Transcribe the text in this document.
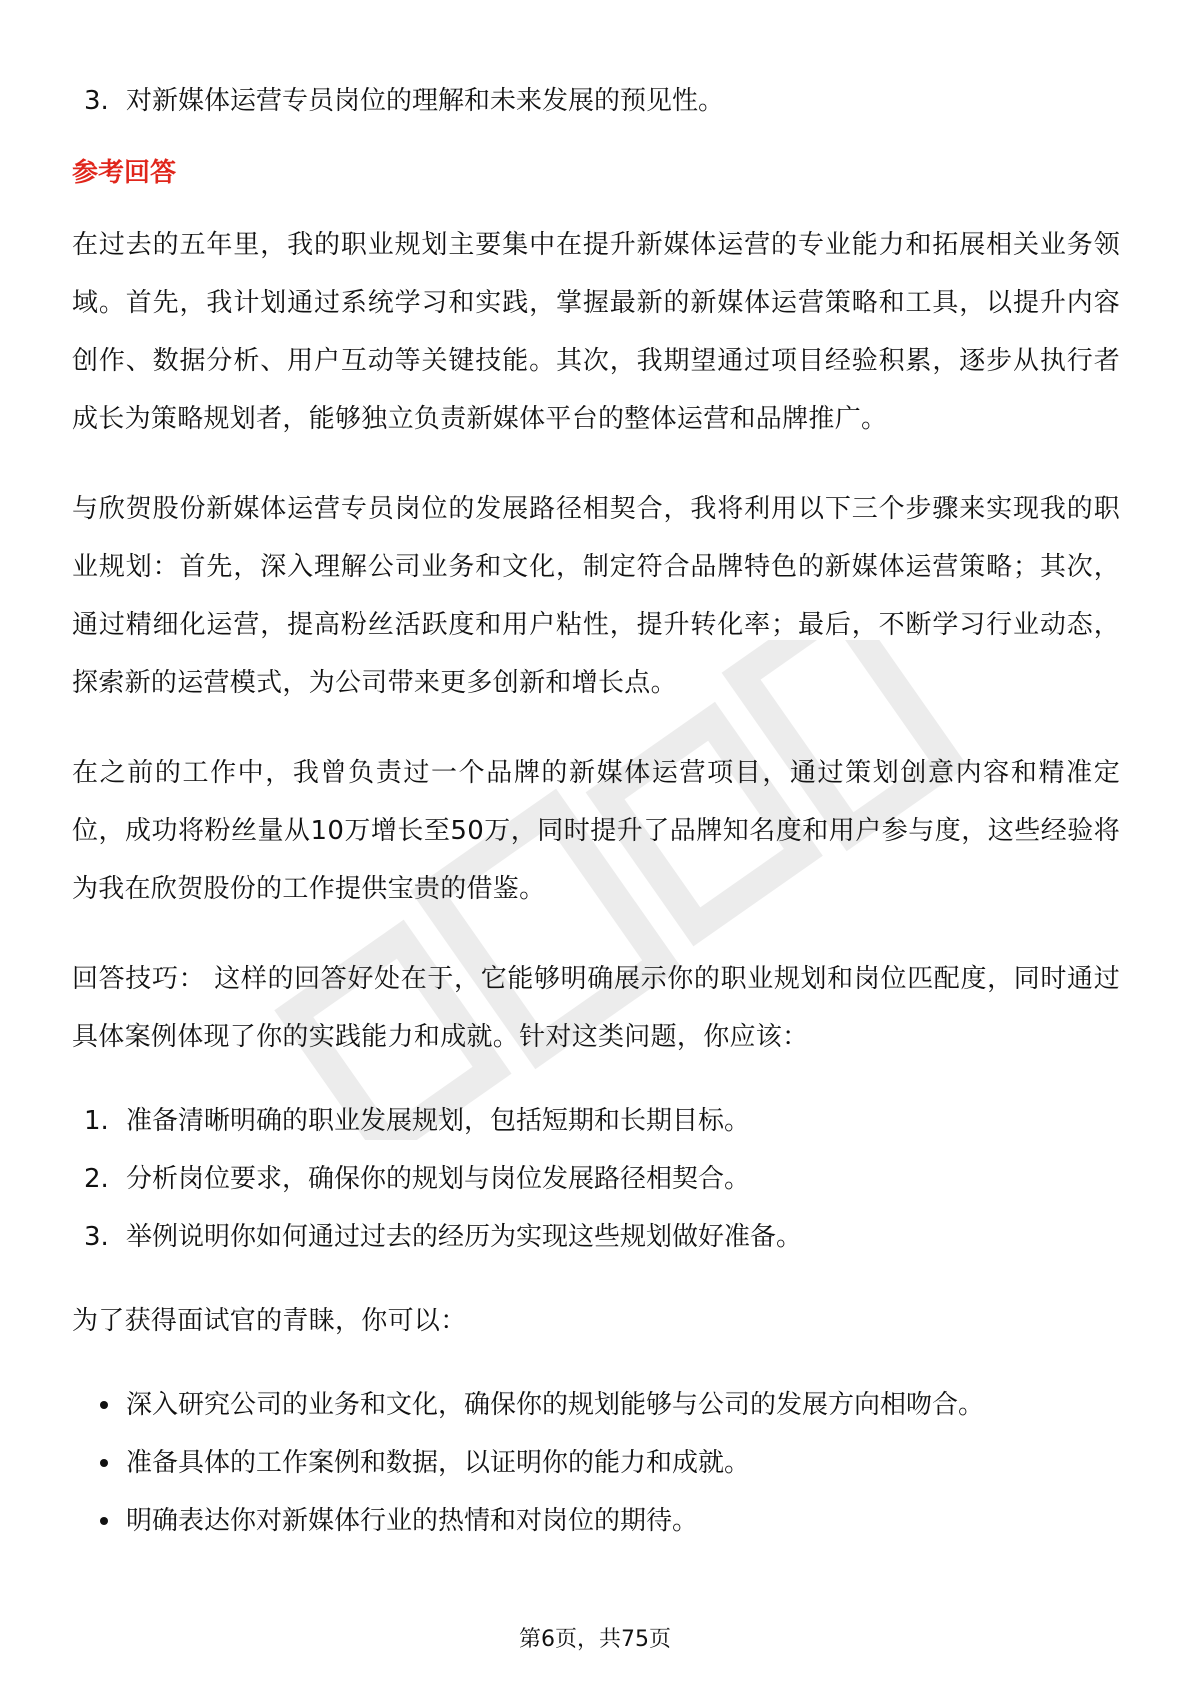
3. 对新媒体运营专员岗位的理解和未来发展的预见性。
参考回答

在过去的五年里，我的职业规划主要集中在提升新媒体运营的专业能力和拓展相关业务领域。首先，我计划通过系统学习和实践，掌握最新的新媒体运营策略和工具，以提升内容创作、数据分析、用户互动等关键技能。其次，我期望通过项目经验积累，逐步从执行者成长为策略规划者，能够独立负责新媒体平台的整体运营和品牌推广。

与欣贺股份新媒体运营专员岗位的发展路径相契合，我将利用以下三个步骤来实现我的职业规划：首先，深入理解公司业务和文化，制定符合品牌特色的新媒体运营策略；其次，通过精细化运营，提高粉丝活跃度和用户粘性，提升转化率；最后，不断学习行业动态，探索新的运营模式，为公司带来更多创新和增长点。

在之前的工作中，我曾负责过一个品牌的新媒体运营项目，通过策划创意内容和精准定位，成功将粉丝量从10万增长至50万，同时提升了品牌知名度和用户参与度，这些经验将为我在欣贺股份的工作提供宝贵的借鉴。

回答技巧： 这样的回答好处在于，它能够明确展示你的职业规划和岗位匹配度，同时通过具体案例体现了你的实践能力和成就。针对这类问题，你应该：

1. 准备清晰明确的职业发展规划，包括短期和长期目标。
2. 分析岗位要求，确保你的规划与岗位发展路径相契合。
3. 举例说明你如何通过过去的经历为实现这些规划做好准备。

为了获得面试官的青睐，你可以：

深入研究公司的业务和文化，确保你的规划能够与公司的发展方向相吻合。
准备具体的工作案例和数据，以证明你的能力和成就。
明确表达你对新媒体行业的热情和对岗位的期待。
第6页，共75页
